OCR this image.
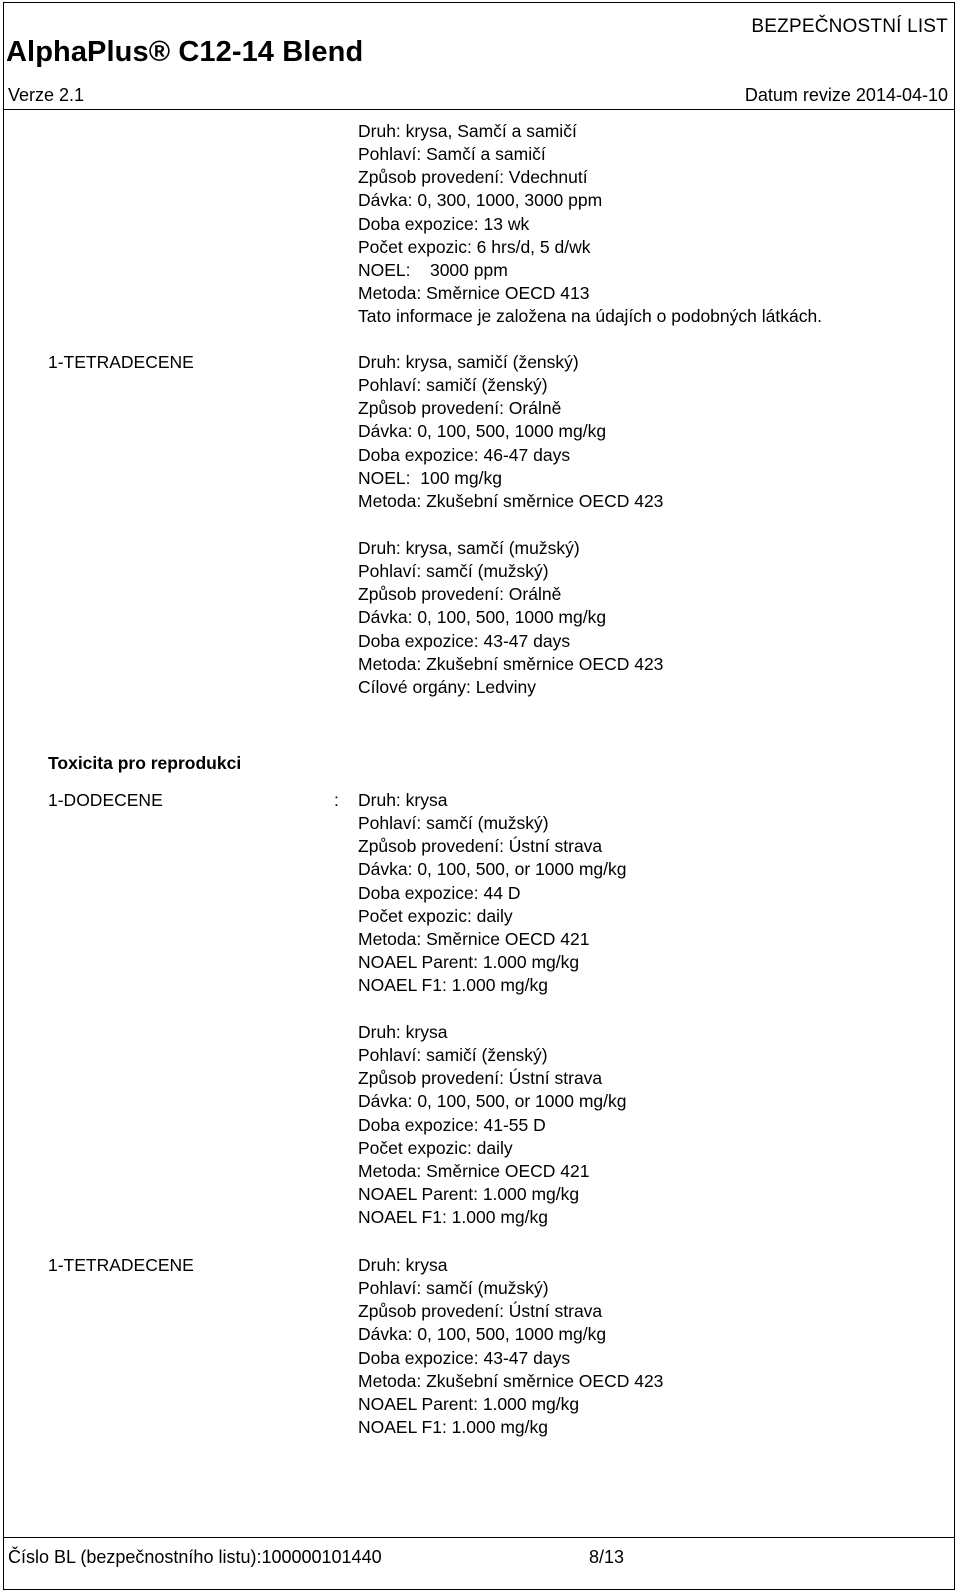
BEZPEČNOSTNÍ LIST
AlphaPlus® C12-14 Blend
Verze 2.1	Datum revize 2014-04-10
Druh: krysa, Samčí a samičí
Pohlaví: Samčí a samičí
Způsob provedení: Vdechnutí
Dávka: 0, 300, 1000, 3000 ppm
Doba expozice: 13 wk
Počet expozic: 6 hrs/d, 5 d/wk
NOEL:    3000 ppm
Metoda: Směrnice OECD 413
Tato informace je založena na údajích o podobných látkách.
1-TETRADECENE	Druh: krysa, samičí (ženský)
Pohlaví: samičí (ženský)
Způsob provedení: Orálně
Dávka: 0, 100, 500, 1000 mg/kg
Doba expozice: 46-47 days
NOEL:  100 mg/kg
Metoda: Zkušební směrnice OECD 423
Druh: krysa, samčí (mužský)
Pohlaví: samčí (mužský)
Způsob provedení: Orálně
Dávka: 0, 100, 500, 1000 mg/kg
Doba expozice: 43-47 days
Metoda: Zkušební směrnice OECD 423
Cílové orgány: Ledviny
Toxicita pro reprodukci
1-DODECENE	: Druh: krysa
Pohlaví: samčí (mužský)
Způsob provedení: Ústní strava
Dávka: 0, 100, 500, or 1000 mg/kg
Doba expozice: 44 D
Počet expozic: daily
Metoda: Směrnice OECD 421
NOAEL Parent: 1.000 mg/kg
NOAEL F1: 1.000 mg/kg
Druh: krysa
Pohlaví: samičí (ženský)
Způsob provedení: Ústní strava
Dávka: 0, 100, 500, or 1000 mg/kg
Doba expozice: 41-55 D
Počet expozic: daily
Metoda: Směrnice OECD 421
NOAEL Parent: 1.000 mg/kg
NOAEL F1: 1.000 mg/kg
1-TETRADECENE	Druh: krysa
Pohlaví: samčí (mužský)
Způsob provedení: Ústní strava
Dávka: 0, 100, 500, 1000 mg/kg
Doba expozice: 43-47 days
Metoda: Zkušební směrnice OECD 423
NOAEL Parent: 1.000 mg/kg
NOAEL F1: 1.000 mg/kg
Číslo BL (bezpečnostního listu):100000101440	8/13
